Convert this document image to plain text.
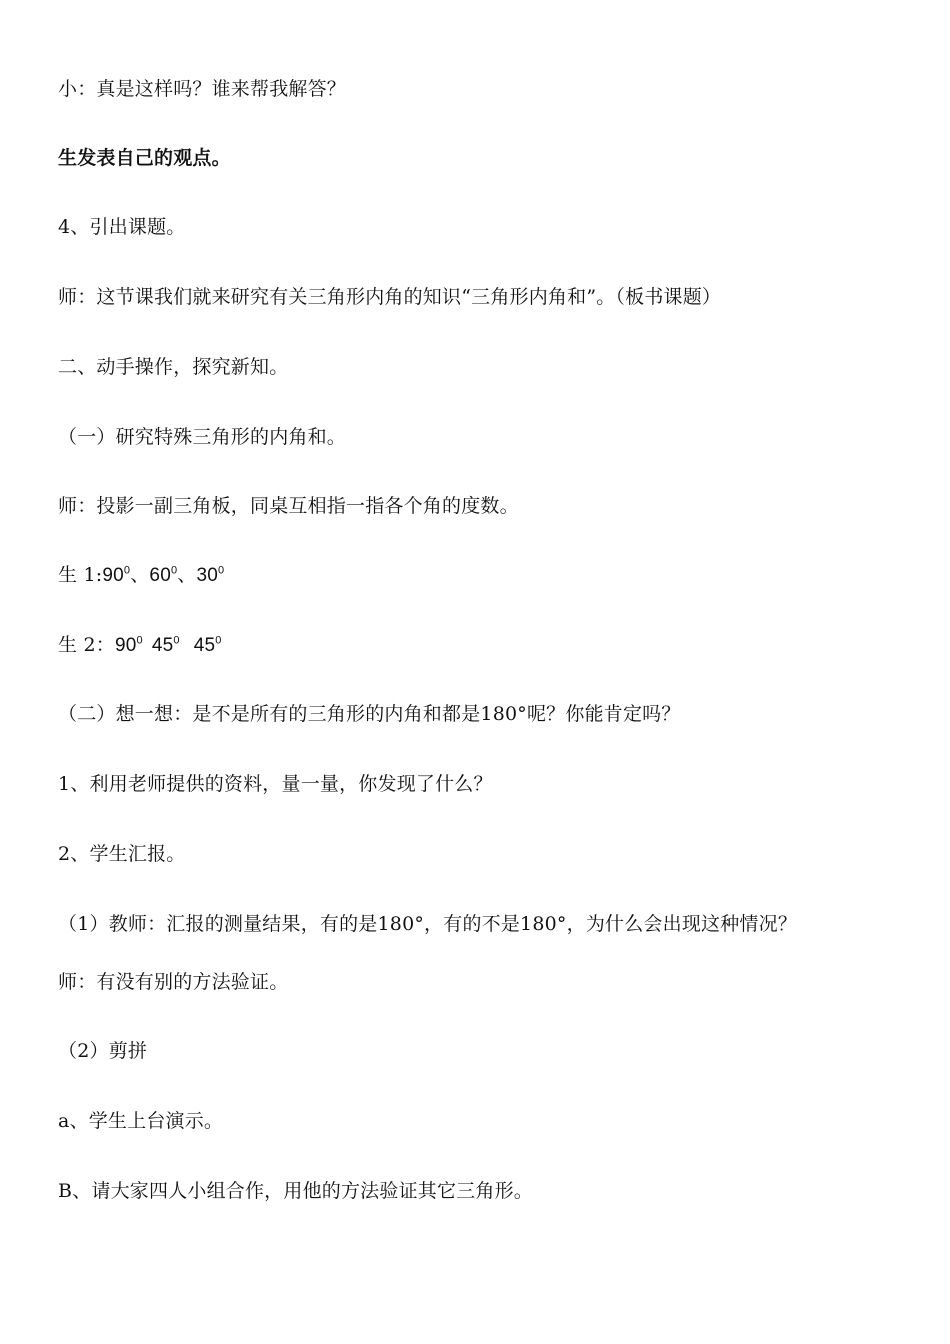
小：真是这样吗？谁来帮我解答？
生发表自己的观点。
4、引出课题。
师：这节课我们就来研究有关三角形内角的知识“三角形内角和”。（板书课题）
二、动手操作，探究新知。
（一）研究特殊三角形的内角和。
师：投影一副三角板，同桌互相指一指各个角的度数。
生 $1:90^0$、$60^0$、$30^0$
生 2：$90^0$ $45^0$ $45^0$
（二）想一想：是不是所有的三角形的内角和都是180°呢？你能肯定吗？
1、利用老师提供的资料，量一量，你发现了什么？
2、学生汇报。
（1）教师：汇报的测量结果，有的是180°，有的不是180°，为什么会出现这种情况？
师：有没有别的方法验证。
（2）剪拼
a、学生上台演示。
B、请大家四人小组合作，用他的方法验证其它三角形。
